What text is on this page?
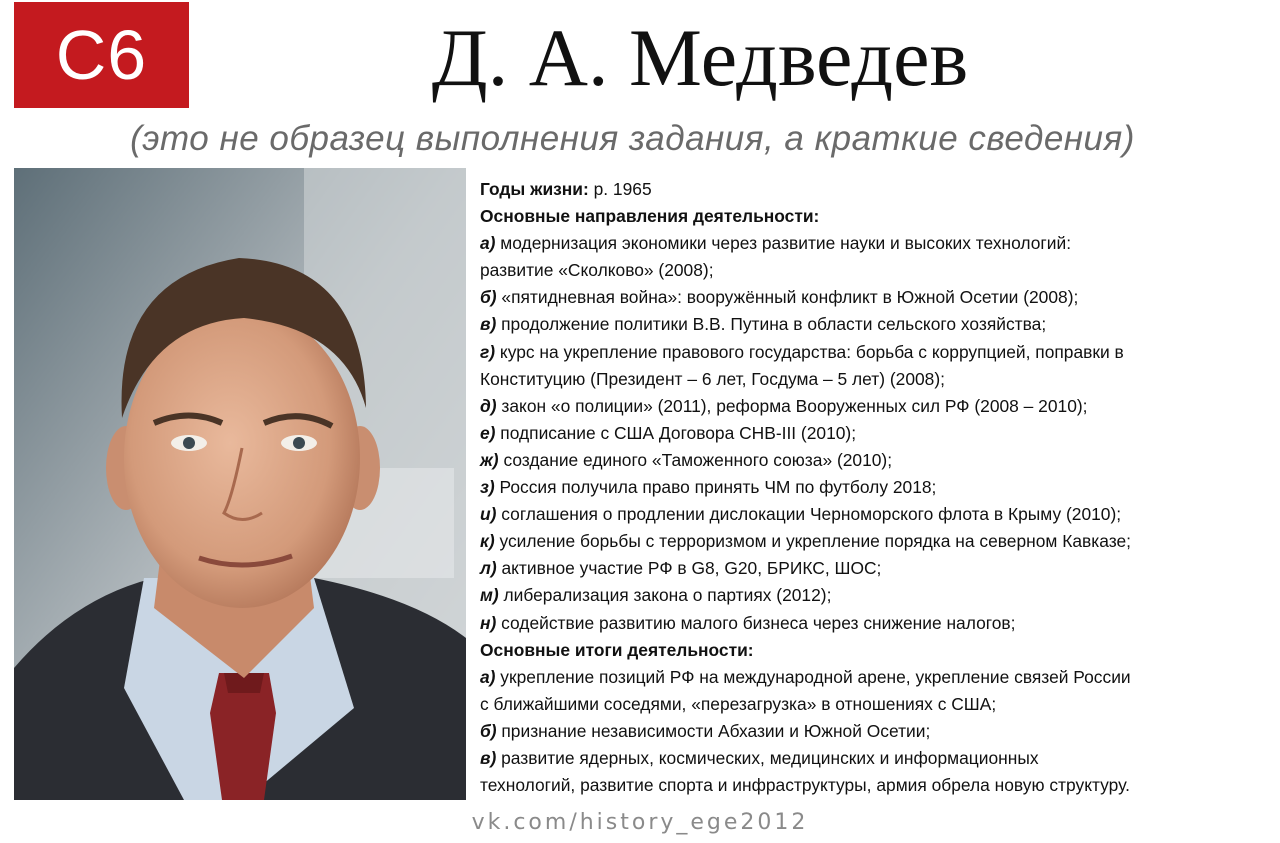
С6	Д. А. Медведев
(это не образец выполнения задания, а краткие сведения)
Годы жизни: р. 1965
Основные направления деятельности:
а) модернизация экономики через развитие науки и высоких технологий:
развитие «Сколково» (2008);
б) «пятидневная война»: вооружённый конфликт в Южной Осетии (2008);
в) продолжение политики В.В. Путина в области сельского хозяйства;
г) курс на укрепление правового государства: борьба с коррупцией, поправки в
Конституцию (Президент – 6 лет, Госдума – 5 лет) (2008);
д) закон «о полиции» (2011), реформа Вооруженных сил РФ (2008 – 2010);
е) подписание с США Договора СНВ-III (2010);
ж) создание единого «Таможенного союза» (2010);
з) Россия получила право принять ЧМ по футболу 2018;
и) соглашения о продлении дислокации Черноморского флота в Крыму (2010);
к) усиление борьбы с терроризмом и укрепление порядка на северном Кавказе;
л) активное участие РФ в G8, G20, БРИКС, ШОС;
м) либерализация закона о партиях (2012);
н) содействие развитию малого бизнеса через снижение налогов;
Основные итоги деятельности:
а) укрепление позиций РФ на международной арене, укрепление связей России
с ближайшими соседями, «перезагрузка» в отношениях с США;
б) признание независимости Абхазии и Южной Осетии;
в) развитие ядерных, космических, медицинских и информационных
технологий, развитие спорта и инфраструктуры, армия обрела новую структуру.
vk.com/history_ege2012
